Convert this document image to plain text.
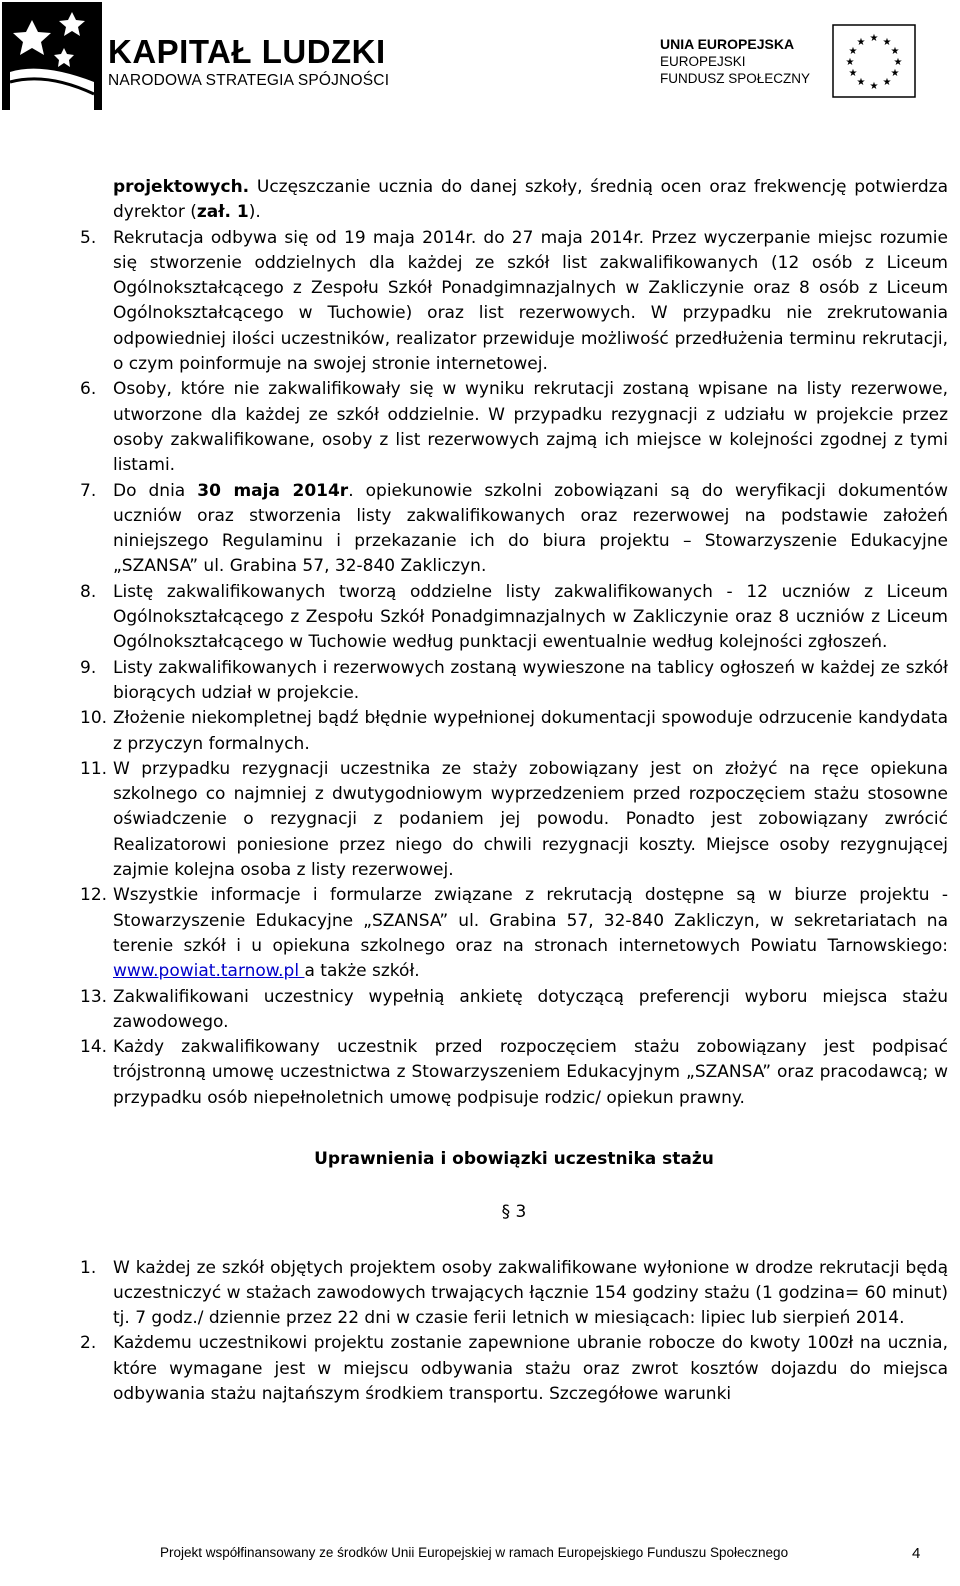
KAPITAŁ LUDZKI
NARODOWA STRATEGIA SPÓJNOŚCI
UNIA EUROPEJSKA
EUROPEJSKI
FUNDUSZ SPOŁECZNY
★ ★
★
★
★
★
★
★
★
★
★
★

projektowych. Uczęszczanie ucznia do danej szkoły, średnią ocen oraz frekwencję potwierdza dyrektor (zał. 1).

5. Rekrutacja odbywa się od 19 maja 2014r. do 27 maja 2014r. Przez wyczerpanie miejsc rozumie się stworzenie oddzielnych dla każdej ze szkół list zakwalifikowanych (12 osób z Liceum Ogólnokształcącego z Zespołu Szkół Ponadgimnazjalnych w Zakliczynie oraz 8 osób z Liceum Ogólnokształcącego w Tuchowie) oraz list rezerwowych. W przypadku nie zrekrutowania odpowiedniej ilości uczestników, realizator przewiduje możliwość przedłużenia terminu rekrutacji, o czym poinformuje na swojej stronie internetowej.
6. Osoby, które nie zakwalifikowały się w wyniku rekrutacji zostaną wpisane na listy rezerwowe, utworzone dla każdej ze szkół oddzielnie. W przypadku rezygnacji z udziału w projekcie przez osoby zakwalifikowane, osoby z list rezerwowych zajmą ich miejsce w kolejności zgodnej z tymi listami.
7. Do dnia 30 maja 2014r. opiekunowie szkolni zobowiązani są do weryfikacji dokumentów uczniów oraz stworzenia listy zakwalifikowanych oraz rezerwowej na podstawie założeń niniejszego Regulaminu i przekazanie ich do biura projektu – Stowarzyszenie Edukacyjne „SZANSA” ul. Grabina 57, 32-840 Zakliczyn.
8. Listę zakwalifikowanych tworzą oddzielne listy zakwalifikowanych - 12 uczniów z Liceum Ogólnokształcącego z Zespołu Szkół Ponadgimnazjalnych w Zakliczynie oraz 8 uczniów z Liceum Ogólnokształcącego w Tuchowie według punktacji ewentualnie według kolejności zgłoszeń.
9. Listy zakwalifikowanych i rezerwowych zostaną wywieszone na tablicy ogłoszeń w każdej ze szkół biorących udział w projekcie.
10. Złożenie niekompletnej bądź błędnie wypełnionej dokumentacji spowoduje odrzucenie kandydata z przyczyn formalnych.
11. W przypadku rezygnacji uczestnika ze staży zobowiązany jest on złożyć na ręce opiekuna szkolnego co najmniej z dwutygodniowym wyprzedzeniem przed rozpoczęciem stażu stosowne oświadczenie o rezygnacji z podaniem jej powodu. Ponadto jest zobowiązany zwrócić Realizatorowi poniesione przez niego do chwili rezygnacji koszty. Miejsce osoby rezygnującej zajmie kolejna osoba z listy rezerwowej.
12. Wszystkie informacje i formularze związane z rekrutacją dostępne są w biurze projektu - Stowarzyszenie Edukacyjne „SZANSA” ul. Grabina 57, 32-840 Zakliczyn, w sekretariatach na terenie szkół i u opiekuna szkolnego oraz na stronach internetowych Powiatu Tarnowskiego: www.powiat.tarnow.pl a także szkół.
13. Zakwalifikowani uczestnicy wypełnią ankietę dotyczącą preferencji wyboru miejsca stażu zawodowego.
14. Każdy zakwalifikowany uczestnik przed rozpoczęciem stażu zobowiązany jest podpisać trójstronną umowę uczestnictwa z Stowarzyszeniem Edukacyjnym „SZANSA” oraz pracodawcą; w przypadku osób niepełnoletnich umowę podpisuje rodzic/ opiekun prawny.
Uprawnienia i obowiązki uczestnika stażu
§ 3
1. W każdej ze szkół objętych projektem osoby zakwalifikowane wyłonione w drodze rekrutacji będą uczestniczyć w stażach zawodowych trwających łącznie 154 godziny stażu (1 godzina= 60 minut) tj. 7 godz./ dziennie przez 22 dni w czasie ferii letnich w miesiącach: lipiec lub sierpień 2014.
2. Każdemu uczestnikowi projektu zostanie zapewnione ubranie robocze do kwoty 100zł na ucznia, które wymagane jest w miejscu odbywania stażu oraz zwrot kosztów dojazdu do miejsca odbywania stażu najtańszym środkiem transportu. Szczegółowe warunki
Projekt współfinansowany ze środków Unii Europejskiej w ramach Europejskiego Funduszu Społecznego	4
